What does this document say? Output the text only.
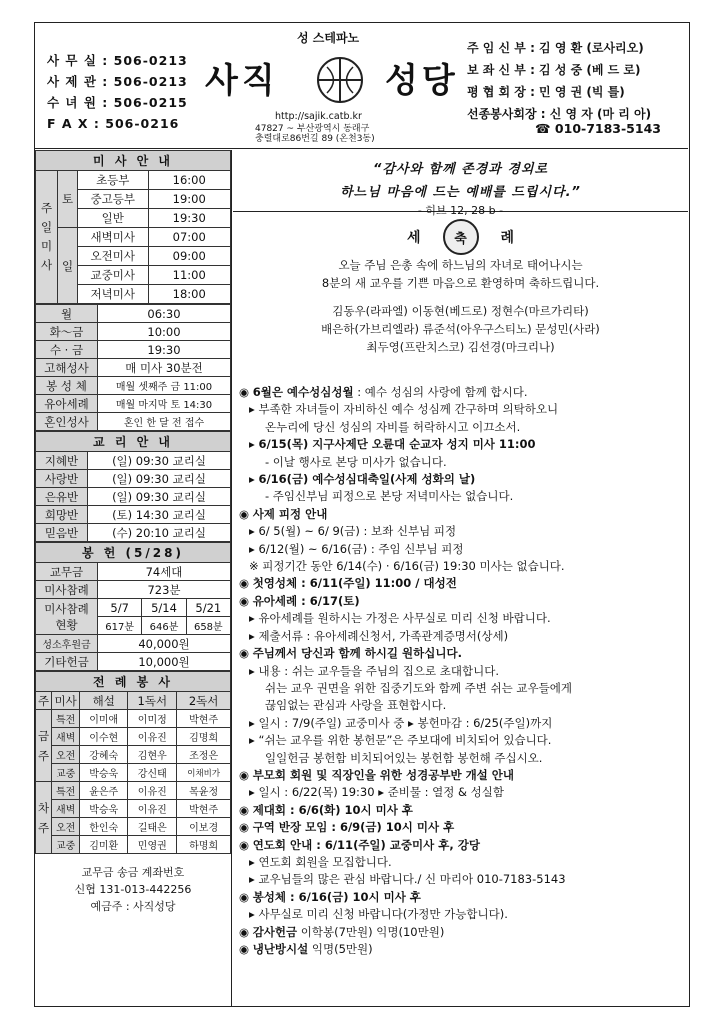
사 무 실 : 506-0213
사 제 관 : 506-0213
수 녀 원 : 506-0215
F A X : 506-0216
성 스테파노
사직	성당
http://sajik.catb.kr
47827 ~ 부산광역시 동래구
충렬대로86번길 89 (온천3동)
주 임 신 부 : 김 영 환 (로사리오)
보 좌 신 부 : 김 성 중 (베 드 로)
평 협 회 장 : 민 영 권 (빅 틀)
선종봉사회장 : 신 영 자 (마 리 아)
☎ 010-7183-5143
미 사 안 내
주일미사	토	
초등부	16:00

중고등부	19:00

일반	19:30

일	
새벽미사	07:00

오전미사	09:00

교중미사	11:00

저녁미사	18:00
월	06:30
화～금	10:00
수 · 금	19:30
고해성사	매 미사 30분전
봉 성 체	매월 셋째주 금 11:00
유아세례	매월 마지막 토 14:30
혼인성사	혼인 한 달 전 접수
교 리 안 내	
지혜반	(일) 09:30 교리실
사랑반	(일) 09:30 교리실
은유반	(일) 09:30 교리실
희망반	(토) 14:30 교리실
믿음반	(수) 20:10 교리실
봉 헌 (5/28)			
교무금	74세대		
미사참례	723분		

미사참례
현황	5/7	5/14	5/21
	617분	646분	658분
성소후원금	40,000원		
기타헌금	10,000원		
전 례 봉 사				
주	미사	해설	1독서	2독서
금주	특전	이미애	이미정	박현주
	새벽	이수현	이유진	김명희
	오전	강혜숙	김현우	조정은
	교중	박승욱	강신태	이채비가
차주	특전	윤은주	이유진	목윤정
	새벽	박승욱	이유진	박현주
	오전	한인숙	길태은	이보경
	교중	김미환	민영권	하명희
교무금 송금 계좌번호
신협 131-013-442256
예금주 : 사직성당
“감사와 함께 존경과 경외로
하느님 마음에 드는 예배를 드립시다.”
- 히브 12, 28 b -
세	축	례
오늘 주님 은총 속에 하느님의 자녀로 태어나시는
8분의 새 교우를 기쁜 마음으로 환영하며 축하드립니다.
김동우(라파엘) 이동현(베드로) 정현수(마르가리타)
배은하(가브리엘라) 류준석(아우구스티노) 문성민(사라)
최두영(프란치스코) 김선경(마크리나)
◉ 6월은 예수성심성월 : 예수 성심의 사랑에 함께 합시다.
▸ 부족한 자녀들이 자비하신 예수 성심께 간구하며 의탁하오니
온누리에 당신 성심의 자비를 허락하시고 이끄소서.
▸ 6/15(목) 지구사제단 오륜대 순교자 성지 미사 11:00
- 이날 행사로 본당 미사가 없습니다.
▸ 6/16(금) 예수성심대축일(사제 성화의 날)
- 주임신부님 피정으로 본당 저녁미사는 없습니다.
◉ 사제 피정 안내
▸ 6/ 5(월) ~ 6/ 9(금) : 보좌 신부님 피정
▸ 6/12(월) ~ 6/16(금) : 주임 신부님 피정
※ 피정기간 동안 6/14(수) · 6/16(금) 19:30 미사는 없습니다.
◉ 첫영성체 : 6/11(주일) 11:00 / 대성전
◉ 유아세례 : 6/17(토)
▸ 유아세례를 원하시는 가정은 사무실로 미리 신청 바랍니다.
▸ 제출서류 : 유아세례신청서, 가족관계증명서(상세)
◉ 주님께서 당신과 함께 하시길 원하십니다.
▸ 내용 : 쉬는 교우들을 주님의 집으로 초대합니다.
쉬는 교우 권면을 위한 집중기도와 함께 주변 쉬는 교우들에게
끊임없는 관심과 사랑을 표현합시다.
▸ 일시 : 7/9(주일) 교중미사 중 ▸ 봉헌마감 : 6/25(주일)까지
▸ “쉬는 교우를 위한 봉헌문”은 주보대에 비치되어 있습니다.
일일헌금 봉헌함 비치되어있는 봉헌함 봉헌해 주십시오.
◉ 부모회 회원 및 직장인을 위한 성경공부반 개설 안내
▸ 일시 : 6/22(목) 19:30 ▸ 준비물 : 열정 & 성실함
◉ 제대회 : 6/6(화) 10시 미사 후
◉ 구역 반장 모임 : 6/9(금) 10시 미사 후
◉ 연도회 안내 : 6/11(주일) 교중미사 후, 강당
▸ 연도회 회원을 모집합니다.
▸ 교우님들의 많은 관심 바랍니다./ 신 마리아 010-7183-5143
◉ 봉성체 : 6/16(금) 10시 미사 후
▸ 사무실로 미리 신청 바랍니다(가정만 가능합니다).
◉ 감사헌금 이학봉(7만원) 익명(10만원)
◉ 냉난방시설 익명(5만원)
